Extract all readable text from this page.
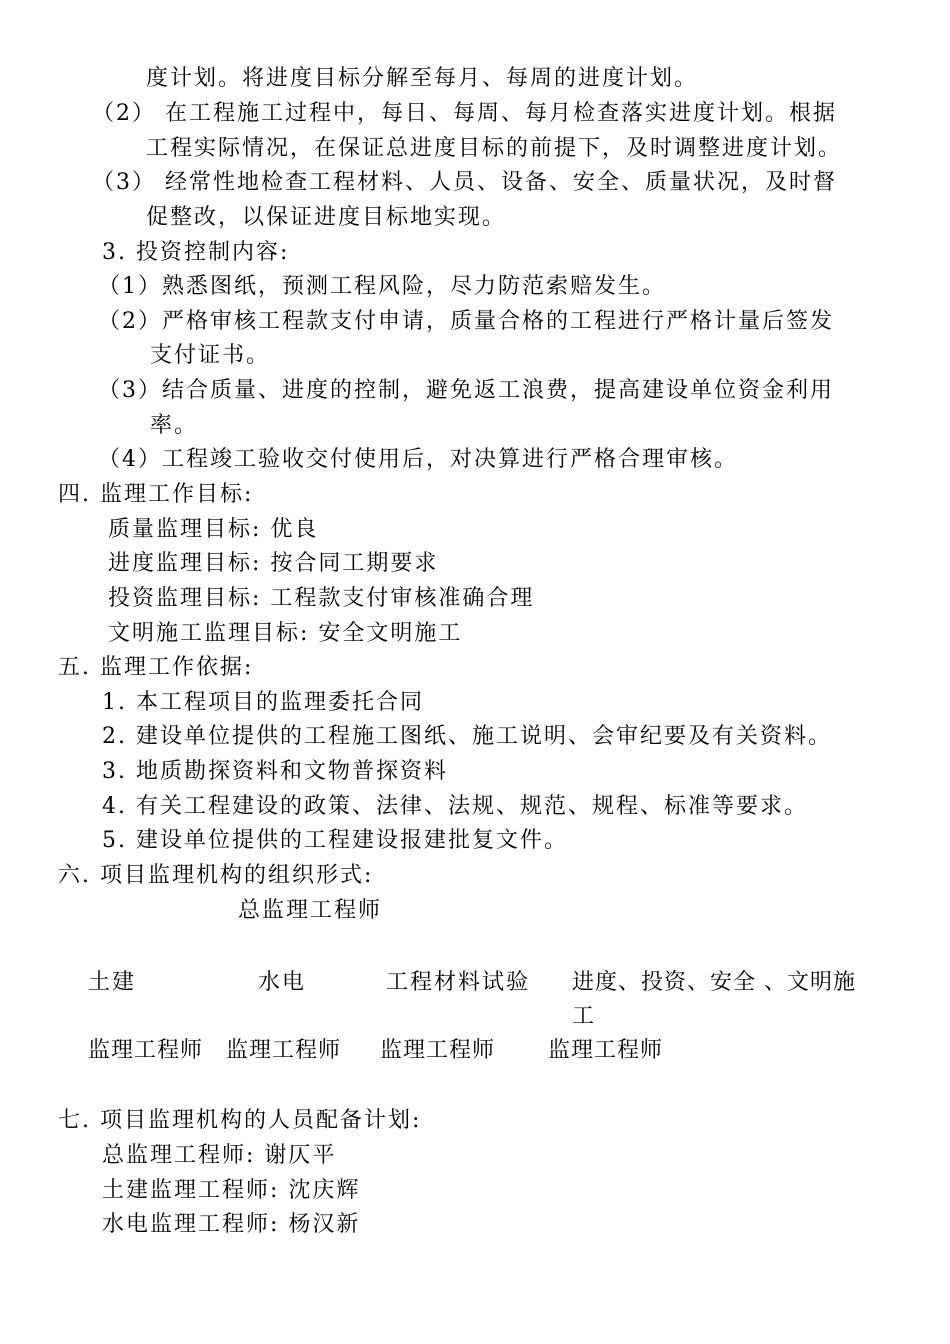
度计划。将进度目标分解至每月、每周的进度计划。
（2） 在工程施工过程中，每日、每周、每月检查落实进度计划。根据
工程实际情况，在保证总进度目标的前提下，及时调整进度计划。
（3） 经常性地检查工程材料、人员、设备、安全、质量状况，及时督
促整改，以保证进度目标地实现。
3. 投资控制内容:
（1）熟悉图纸，预测工程风险，尽力防范索赔发生。
（2）严格审核工程款支付申请，质量合格的工程进行严格计量后签发
支付证书。
（3）结合质量、进度的控制，避免返工浪费，提高建设单位资金利用
率。
（4）工程竣工验收交付使用后，对决算进行严格合理审核。
四. 监理工作目标:
质量监理目标: 优良
进度监理目标: 按合同工期要求
投资监理目标: 工程款支付审核准确合理
文明施工监理目标: 安全文明施工
五. 监理工作依据:
1. 本工程项目的监理委托合同
2. 建设单位提供的工程施工图纸、施工说明、会审纪要及有关资料。
3. 地质勘探资料和文物普探资料
4. 有关工程建设的政策、法律、法规、规范、规程、标准等要求。
5. 建设单位提供的工程建设报建批复文件。
六. 项目监理机构的组织形式:
总监理工程师
土建	水电	工程材料试验 进度、投资、安全 、文明施
工
监理工程师 监理工程师 监理工程师 监理工程师
七. 项目监理机构的人员配备计划:
总监理工程师: 谢仄平
土建监理工程师: 沈庆辉
水电监理工程师: 杨汉新
